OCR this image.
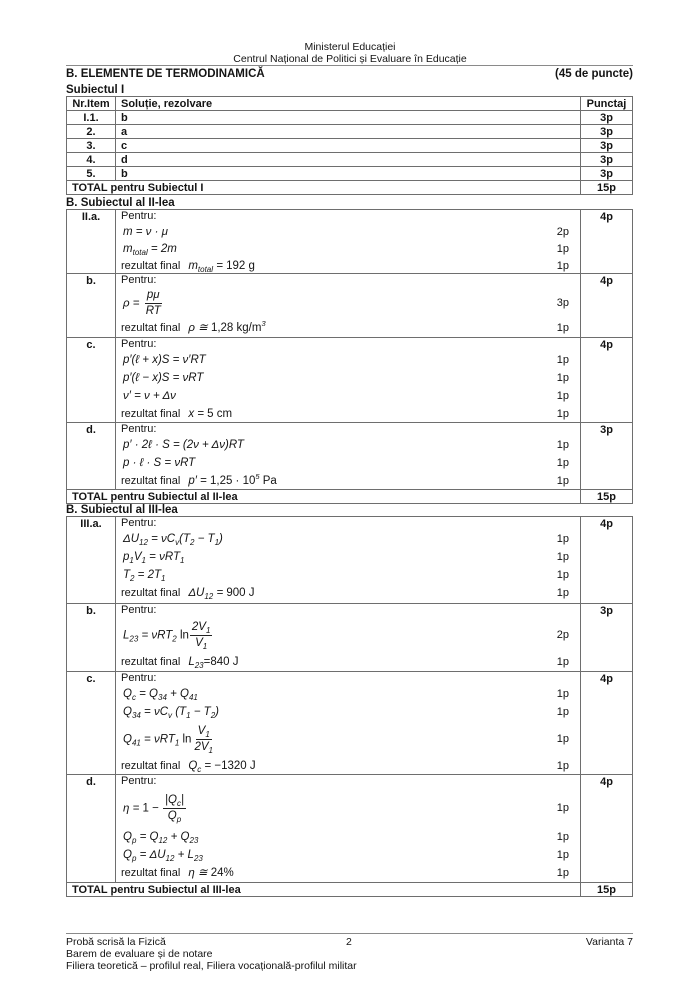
Ministerul Educației
Centrul Național de Politici și Evaluare în Educație
B. ELEMENTE DE TERMODINAMICĂ	(45 de puncte)
Subiectul I
Nr.Item	Soluție, rezolvare	Punctaj
I.1.	b	3p
2.	a	3p
3.	c	3p
4.	d	3p
5.	b	3p
TOTAL pentru Subiectul I	15p
B. Subiectul al II-lea
II.a.	Pentru:
m = ν · μ	2p
$m_{total} = 2m$	1p
rezultat final $m_{total} = 192$ g	1p
4p
b.	Pentru:
$\rho = \frac{p\mu}{RT}$	3p
rezultat final ρ ≅ 1,28 $kg/m^3$	1p
4p
c.	Pentru:
p′(ℓ + x)S = ν′RT	1p
p′(ℓ − x)S = νRT	1p
ν′ = ν + Δν	1p
rezultat final x = 5 cm	1p
4p
d.	Pentru:
p′ · 2ℓ · S = (2ν + Δν)RT	1p
p · ℓ · S = νRT	1p
rezultat final $p' = 1,25 \cdot 10^5$ Pa	1p
3p
TOTAL pentru Subiectul al II-lea	15p
B. Subiectul al III-lea
III.a.	Pentru:
$\Delta U_{12} = \nu C_v(T_2 - T_1)$	1p
$p_1V_1 = \nu RT_1$	1p
$T_2 = 2T_1$	1p
rezultat final $\Delta U_{12} = 900$ J	1p
4p
b.	Pentru:
$L_{23} = \nu RT_2$ $\ln \frac{2V_1}{V_1}$	2p
rezultat final $L_{23}=840$ J	1p
3p
c.	Pentru:
$Q_c = Q_{34} + Q_{41}$	1p
$Q_{34} = \nu C_v$ $(T_1 - T_2)$	1p
$Q_{41} = \nu RT_1$ $\ln \frac{V_1}{2V_1}$	1p
rezultat final $Q_c = -1320$ J	1p
4p
d.	Pentru:
$\eta = 1 - \frac{|Q_c|}{Q_p}$	1p
$Q_p = Q_{12} + Q_{23}$	1p
$Q_p = \Delta U_{12} + L_{23}$	1p
rezultat final η ≅ 24%	1p
4p
TOTAL pentru Subiectul al III-lea	15p
Probă scrisă la Fizică	2	Varianta 7
Barem de evaluare și de notare
Filiera teoretică – profilul real, Filiera vocațională-profilul militar
